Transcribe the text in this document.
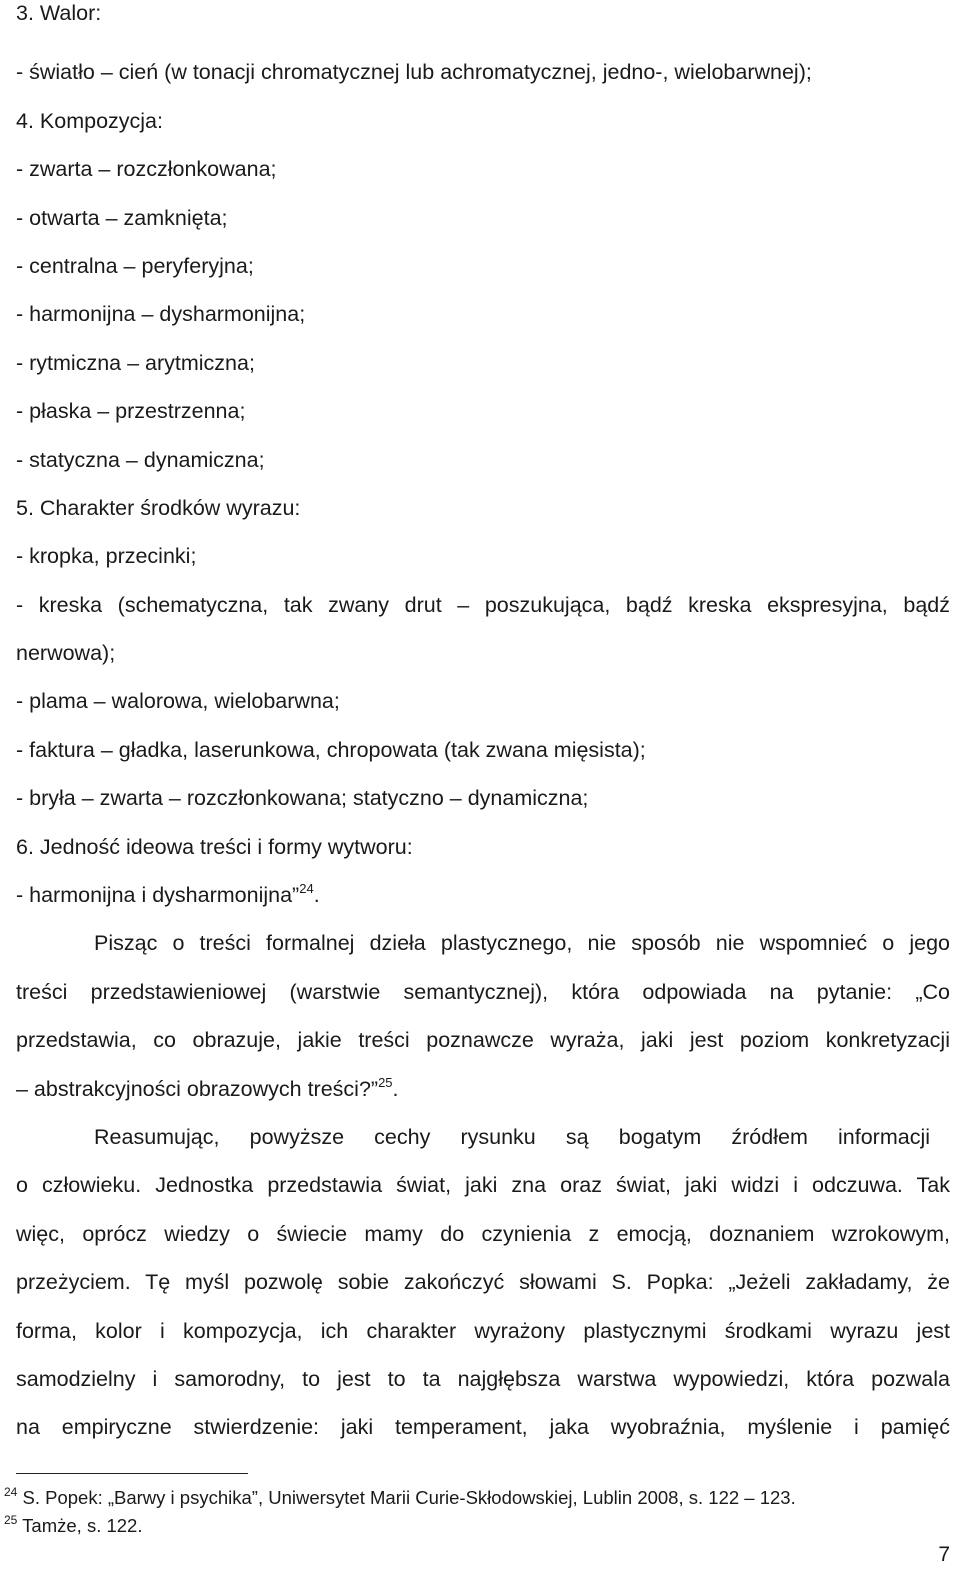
3. Walor:
- światło – cień (w tonacji chromatycznej lub achromatycznej, jedno-, wielobarwnej);
4. Kompozycja:
- zwarta – rozczłonkowana;
- otwarta – zamknięta;
- centralna – peryferyjna;
- harmonijna – dysharmonijna;
- rytmiczna – arytmiczna;
- płaska – przestrzenna;
- statyczna – dynamiczna;
5. Charakter środków wyrazu:
- kropka, przecinki;
- kreska (schematyczna, tak zwany drut – poszukująca, bądź kreska ekspresyjna, bądź
nerwowa);
- plama – walorowa, wielobarwna;
- faktura – gładka, laserunkowa, chropowata (tak zwana mięsista);
- bryła – zwarta – rozczłonkowana; statyczno – dynamiczna;
6. Jedność ideowa treści i formy wytworu:
- harmonijna i dysharmonijna”$^{24}$.
Pisząc o treści formalnej dzieła plastycznego, nie sposób nie wspomnieć o jego
treści przedstawieniowej (warstwie semantycznej), która odpowiada na pytanie: „Co
przedstawia, co obrazuje, jakie treści poznawcze wyraża, jaki jest poziom konkretyzacji
– abstrakcyjności obrazowych treści?”$^{25}$.
Reasumując, powyższe cechy rysunku są bogatym źródłem informacji
o człowieku. Jednostka przedstawia świat, jaki zna oraz świat, jaki widzi i odczuwa. Tak
więc, oprócz wiedzy o świecie mamy do czynienia z emocją, doznaniem wzrokowym,
przeżyciem. Tę myśl pozwolę sobie zakończyć słowami S. Popka: „Jeżeli zakładamy, że
forma, kolor i kompozycja, ich charakter wyrażony plastycznymi środkami wyrazu jest
samodzielny i samorodny, to jest to ta najgłębsza warstwa wypowiedzi, która pozwala
na empiryczne stwierdzenie: jaki temperament, jaka wyobraźnia, myślenie i pamięć
$^{24}$ S. Popek: „Barwy i psychika”, Uniwersytet Marii Curie-Skłodowskiej, Lublin 2008, s. 122 – 123.
$^{25}$ Tamże, s. 122.
7
